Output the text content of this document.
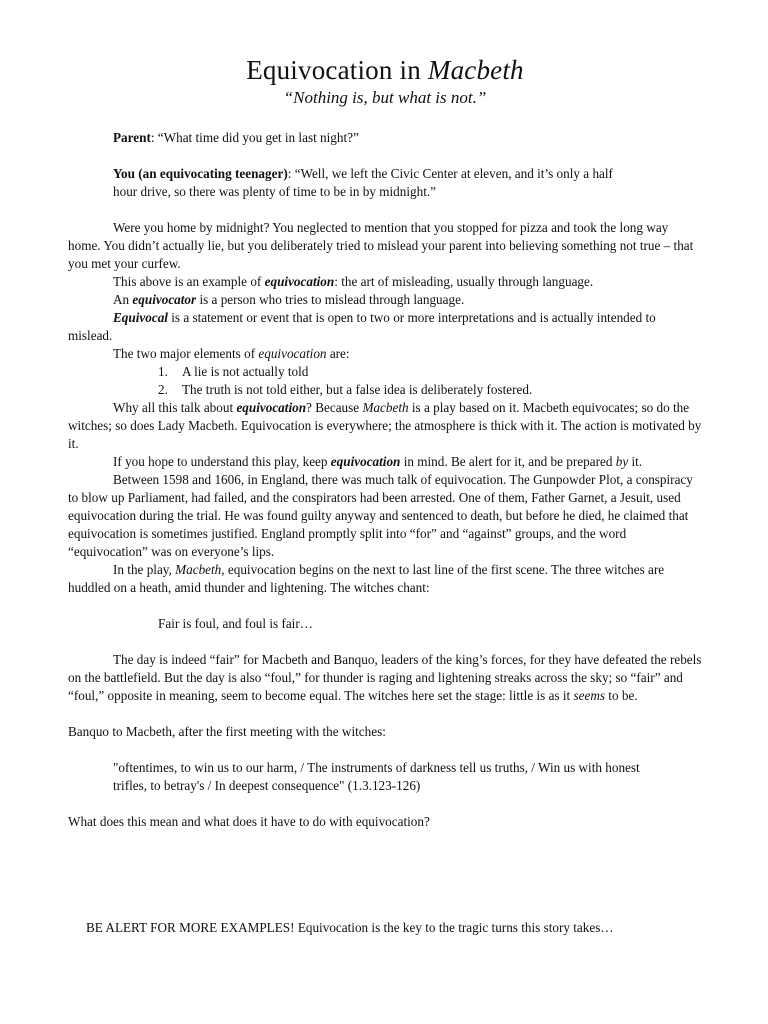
Equivocation in Macbeth

“Nothing is, but what is not.”

Parent: “What time did you get in last night?”
You (an equivocating teenager): “Well, we left the Civic Center at eleven, and it’s only a half hour drive, so there was plenty of time to be in by midnight.”

Were you home by midnight? You neglected to mention that you stopped for pizza and took the long way home. You didn’t actually lie, but you deliberately tried to mislead your parent into believing something not true – that you met your curfew.

This above is an example of equivocation: the art of misleading, usually through language.

An equivocator is a person who tries to mislead through language.

Equivocal is a statement or event that is open to two or more interpretations and is actually intended to mislead.

The two major elements of equivocation are:

1.	A lie is not actually told
2.	The truth is not told either, but a false idea is deliberately fostered.

Why all this talk about equivocation? Because Macbeth is a play based on it. Macbeth equivocates; so do the witches; so does Lady Macbeth. Equivocation is everywhere; the atmosphere is thick with it. The action is motivated by it.

If you hope to understand this play, keep equivocation in mind. Be alert for it, and be prepared by it.

Between 1598 and 1606, in England, there was much talk of equivocation. The Gunpowder Plot, a conspiracy to blow up Parliament, had failed, and the conspirators had been arrested. One of them, Father Garnet, a Jesuit, used equivocation during the trial. He was found guilty anyway and sentenced to death, but before he died, he claimed that equivocation is sometimes justified. England promptly split into “for” and “against” groups, and the word “equivocation” was on everyone’s lips.

In the play, Macbeth, equivocation begins on the next to last line of the first scene. The three witches are huddled on a heath, amid thunder and lightening. The witches chant:

Fair is foul, and foul is fair…

The day is indeed “fair” for Macbeth and Banquo, leaders of the king’s forces, for they have defeated the rebels on the battlefield. But the day is also “foul,” for thunder is raging and lightening streaks across the sky; so “fair” and “foul,” opposite in meaning, seem to become equal. The witches here set the stage: little is as it seems to be.

Banquo to Macbeth, after the first meeting with the witches:

"oftentimes, to win us to our harm, / The instruments of darkness tell us truths, / Win us with honest trifles, to betray's / In deepest consequence" (1.3.123-126)

What does this mean and what does it have to do with equivocation?

BE ALERT FOR MORE EXAMPLES! Equivocation is the key to the tragic turns this story takes…
